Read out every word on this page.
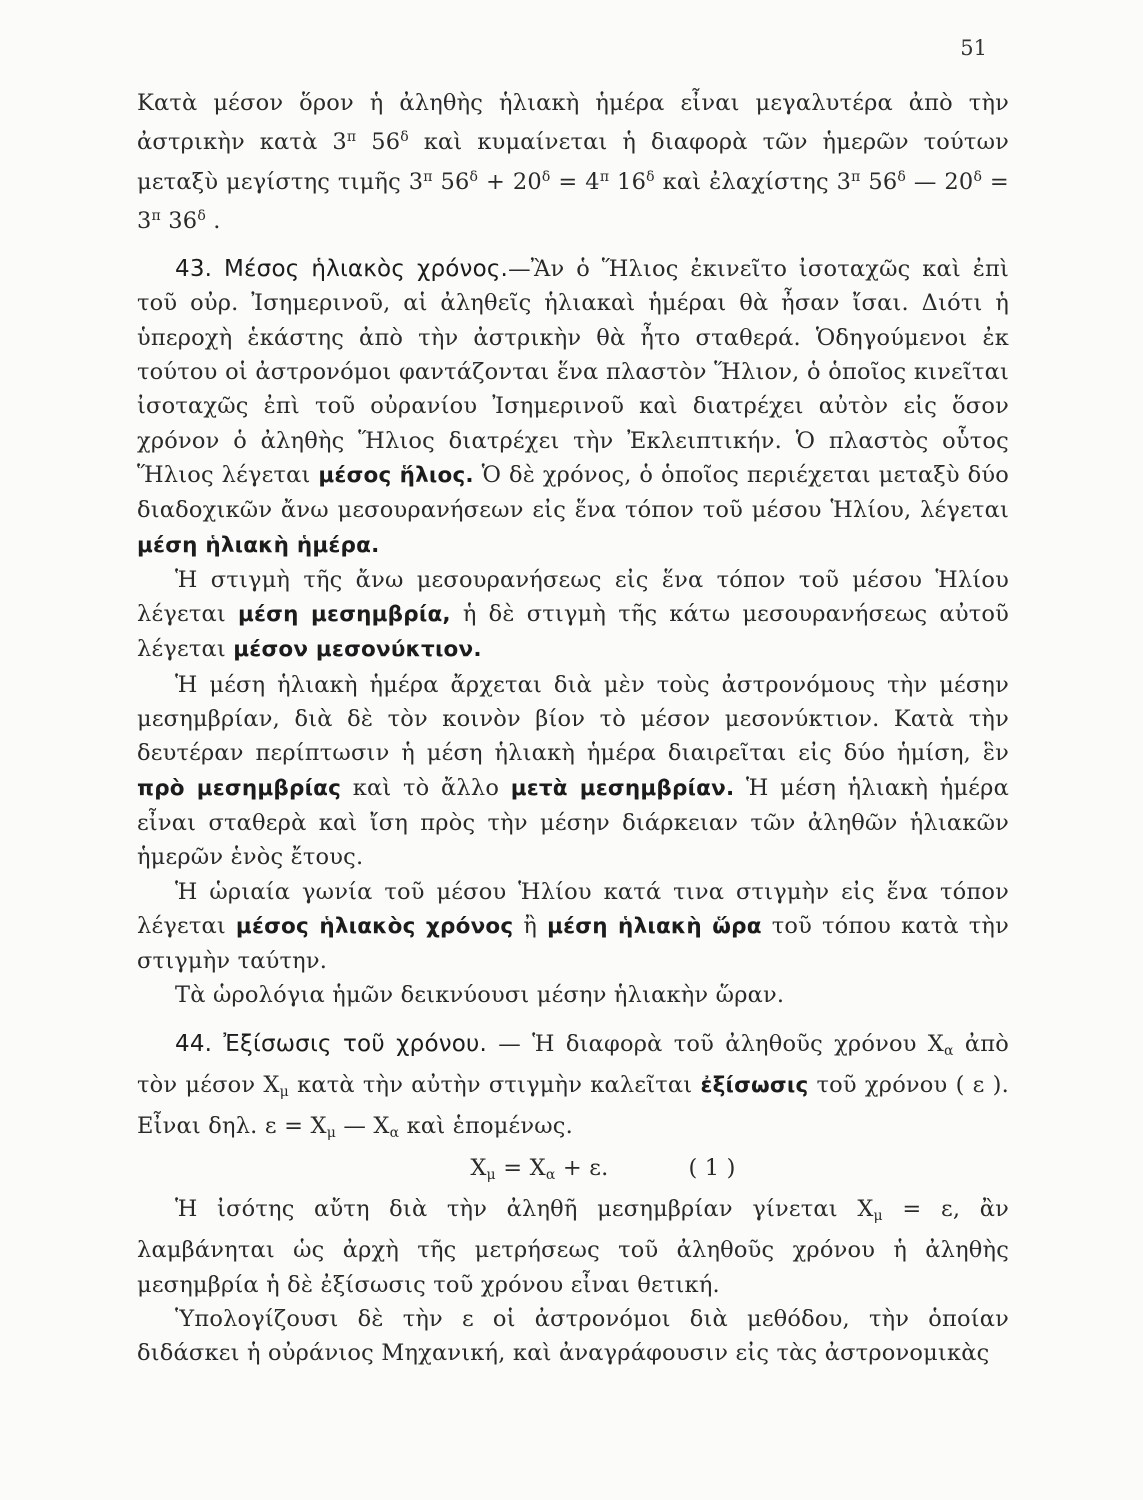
51

Κατὰ μέσον ὅρον ἡ ἀληθὴς ἡλιακὴ ἡμέρα εἶναι μεγαλυτέρα ἀπὸ τὴν ἀστρικὴν κατὰ $3^\pi$ $56^\delta$ καὶ κυμαίνεται ἡ διαφορὰ τῶν ἡμερῶν τούτων μεταξὺ μεγίστης τιμῆς $3^\pi$ $56^\delta + 20^\delta = 4^\pi$ $16^\delta$ καὶ ἐλαχίστης $3^\pi$ $56^\delta$ — $20^\delta = 3^\pi$ $36^\delta$ .

43. Μέσος ἡλιακὸς χρόνος.—Ἂν ὁ Ἥλιος ἐκινεῖτο ἰσοταχῶς καὶ ἐπὶ τοῦ οὐρ. Ἰσημερινοῦ, αἱ ἀληθεῖς ἡλιακαὶ ἡμέραι θὰ ἦσαν ἴσαι. Διότι ἡ ὑπεροχὴ ἑκάστης ἀπὸ τὴν ἀστρικὴν θὰ ἦτο σταθερά. Ὁδηγούμενοι ἐκ τούτου οἱ ἀστρονόμοι φαντάζονται ἕνα πλαστὸν Ἥλιον, ὁ ὁποῖος κινεῖται ἰσοταχῶς ἐπὶ τοῦ οὐρανίου Ἰσημερινοῦ καὶ διατρέχει αὐτὸν εἰς ὅσον χρόνον ὁ ἀληθὴς Ἥλιος διατρέχει τὴν Ἐκλειπτικήν. Ὁ πλαστὸς οὗτος Ἥλιος λέγεται μέσος ἥλιος. Ὁ δὲ χρόνος, ὁ ὁποῖος περιέχεται μεταξὺ δύο διαδοχικῶν ἄνω μεσουρανήσεων εἰς ἕνα τόπον τοῦ μέσου Ἡλίου, λέγεται μέση ἡλιακὴ ἡμέρα.

Ἡ στιγμὴ τῆς ἄνω μεσουρανήσεως εἰς ἕνα τόπον τοῦ μέσου Ἡλίου λέγεται μέση μεσημβρία, ἡ δὲ στιγμὴ τῆς κάτω μεσουρανήσεως αὐτοῦ λέγεται μέσον μεσονύκτιον.

Ἡ μέση ἡλιακὴ ἡμέρα ἄρχεται διὰ μὲν τοὺς ἀστρονόμους τὴν μέσην μεσημβρίαν, διὰ δὲ τὸν κοινὸν βίον τὸ μέσον μεσονύκτιον. Κατὰ τὴν δευτέραν περίπτωσιν ἡ μέση ἡλιακὴ ἡμέρα διαιρεῖται εἰς δύο ἡμίση, ἓν πρὸ μεσημβρίας καὶ τὸ ἄλλο μετὰ μεσημβρίαν. Ἡ μέση ἡλιακὴ ἡμέρα εἶναι σταθερὰ καὶ ἴση πρὸς τὴν μέσην διάρκειαν τῶν ἀληθῶν ἡλιακῶν ἡμερῶν ἑνὸς ἔτους.

Ἡ ὡριαία γωνία τοῦ μέσου Ἡλίου κατά τινα στιγμὴν εἰς ἕνα τόπον λέγεται μέσος ἡλιακὸς χρόνος ἢ μέση ἡλιακὴ ὥρα τοῦ τόπου κατὰ τὴν στιγμὴν ταύτην.

Τὰ ὡρολόγια ἡμῶν δεικνύουσι μέσην ἡλιακὴν ὥραν.

44. Ἐξίσωσις τοῦ χρόνου. — Ἡ διαφορὰ τοῦ ἀληθοῦς χρόνου $X_\alpha$ ἀπὸ τὸν μέσον $X_\mu$ κατὰ τὴν αὐτὴν στιγμὴν καλεῖται ἐξίσωσις τοῦ χρόνου ( ε ). Εἶναι δηλ. $\varepsilon = X_\mu$ — $X_\alpha$ καὶ ἑπομένως.

$X_\mu = X_\alpha + \varepsilon$.	( 1 )

Ἡ ἰσότης αὔτη διὰ τὴν ἀληθῆ μεσημβρίαν γίνεται $X_\mu = \varepsilon$, ἂν λαμβάνηται ὡς ἀρχὴ τῆς μετρήσεως τοῦ ἀληθοῦς χρόνου ἡ ἀληθὴς μεσημβρία ἡ δὲ ἐξίσωσις τοῦ χρόνου εἶναι θετική.

Ὑπολογίζουσι δὲ τὴν ε οἱ ἀστρονόμοι διὰ μεθόδου, τὴν ὁποίαν διδάσκει ἡ οὐράνιος Μηχανική, καὶ ἀναγράφουσιν εἰς τὰς ἀστρονομικὰς
